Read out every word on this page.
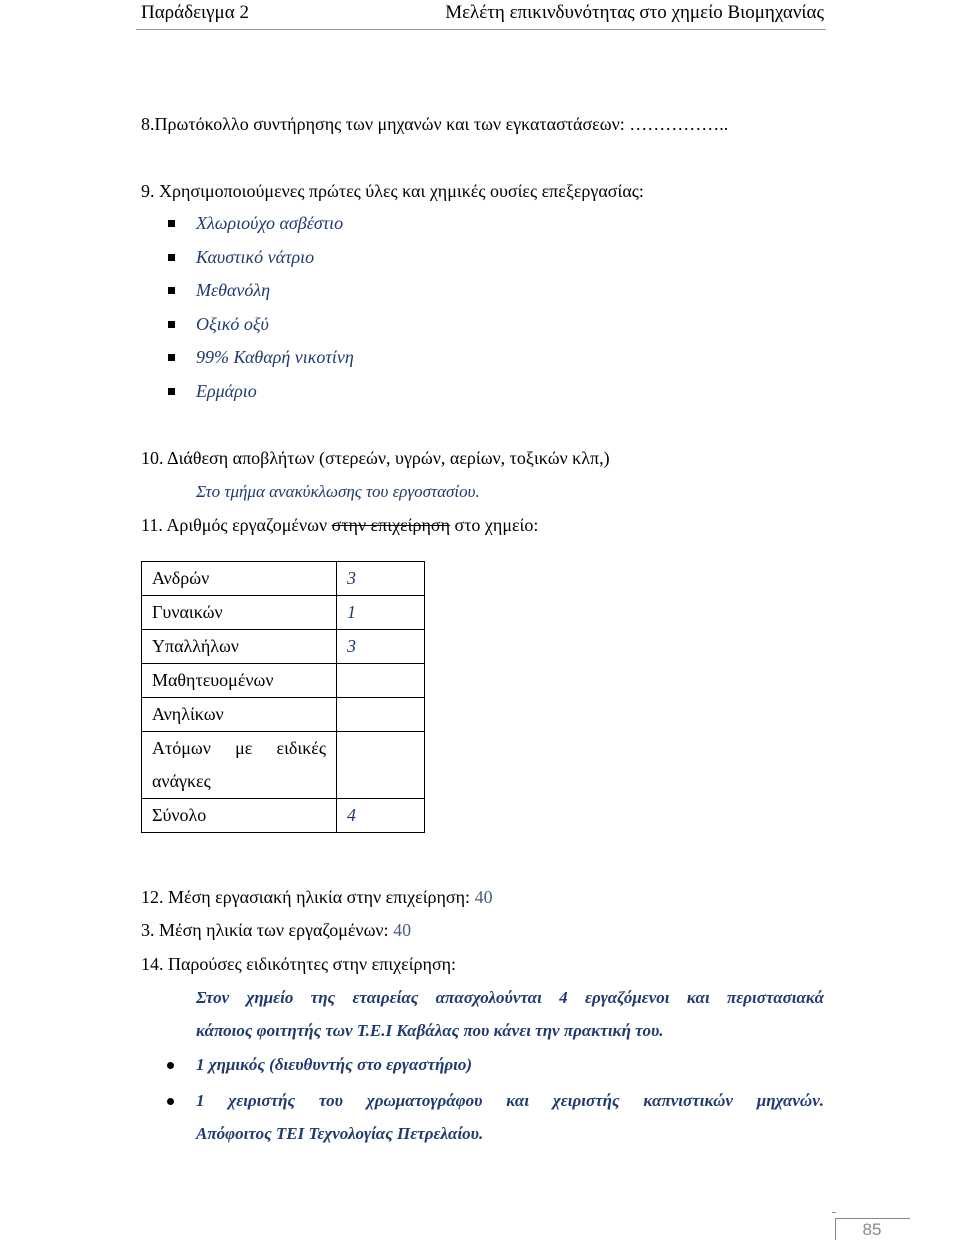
Παράδειγμα 2	Μελέτη επικινδυνότητας στο χημείο Βιομηχανίας
8.Πρωτόκολλο συντήρησης των μηχανών και των εγκαταστάσεων: ……………..
9. Χρησιμοποιούμενες πρώτες ύλες και χημικές ουσίες επεξεργασίας:
Χλωριούχο ασβέστιο
Καυστικό νάτριο
Μεθανόλη
Οξικό οξύ
99% Καθαρή νικοτίνη
Ερμάριο
10. Διάθεση αποβλήτων (στερεών, υγρών, αερίων, τοξικών κλπ,)
Στο τμήμα ανακύκλωσης του εργοστασίου.
11. Αριθμός εργαζομένων στην επιχείρηση στο χημείο:
Ανδρών	3
Γυναικών	1
Υπαλλήλων	3
Μαθητευομένων	
Ανηλίκων	

Ατόμων με ειδικές
ανάγκες	

Σύνολο	4
12. Μέση εργασιακή ηλικία στην επιχείρηση: 40
3. Μέση ηλικία των εργαζομένων: 40
14. Παρούσες ειδικότητες στην επιχείρηση:
Στον χημείο της εταιρείας απασχολούνται 4 εργαζόμενοι και περιστασιακά
κάποιος φοιτητής των Τ.Ε.Ι Καβάλας που κάνει την πρακτική του.
1 χημικός (διευθυντής στο εργαστήριο)
1 χειριστής του χρωματογράφου και χειριστής καπνιστικών μηχανών.
Απόφοιτος ΤΕΙ Τεχνολογίας Πετρελαίου.
85
